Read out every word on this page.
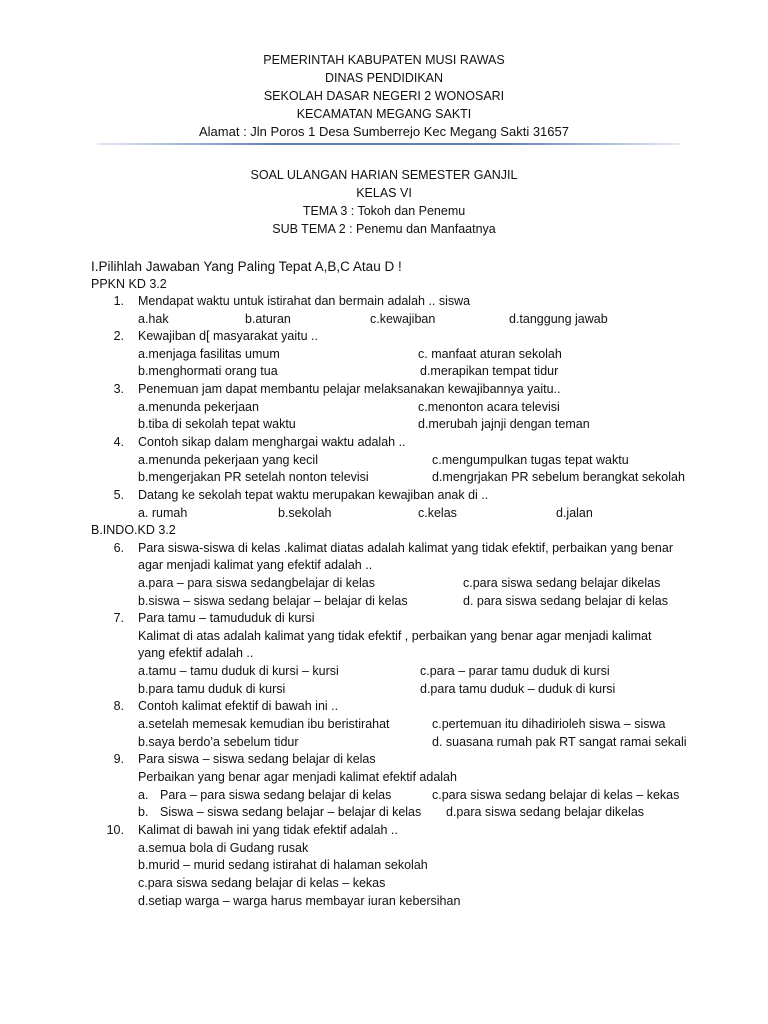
PEMERINTAH KABUPATEN MUSI RAWAS
DINAS PENDIDIKAN
SEKOLAH DASAR NEGERI 2 WONOSARI
KECAMATAN MEGANG SAKTI
Alamat : Jln Poros 1 Desa Sumberrejo Kec Megang Sakti 31657
SOAL ULANGAN HARIAN SEMESTER GANJIL
KELAS VI
TEMA 3 : Tokoh dan Penemu
SUB TEMA 2 : Penemu dan Manfaatnya
I.Pilihlah Jawaban Yang Paling Tepat A,B,C Atau D !
PPKN KD 3.2
1. Mendapat waktu untuk istirahat dan bermain adalah .. siswa
a.hak	b.aturan	c.kewajiban	d.tanggung jawab
2. Kewajiban d[ masyarakat yaitu ..
a.menjaga fasilitas umum	c. manfaat aturan sekolah
b.menghormati orang tua	d.merapikan tempat tidur
3. Penemuan jam dapat membantu pelajar melaksanakan kewajibannya yaitu..
a.menunda pekerjaan	c.menonton acara televisi
b.tiba di sekolah tepat waktu	d.merubah jajnji dengan teman
4. Contoh sikap dalam menghargai waktu adalah ..
a.menunda pekerjaan yang kecil	c.mengumpulkan tugas tepat waktu
b.mengerjakan PR setelah nonton televisi	d.mengrjakan PR sebelum berangkat sekolah
5. Datang ke sekolah tepat waktu merupakan kewajiban anak di ..
a. rumah	b.sekolah	c.kelas	d.jalan
B.INDO.KD 3.2
6. Para siswa-siswa di kelas .kalimat diatas adalah kalimat yang tidak efektif, perbaikan yang benar
agar menjadi kalimat yang efektif adalah ..
a.para – para siswa sedangbelajar di kelas	c.para siswa sedang belajar dikelas
b.siswa – siswa sedang belajar – belajar di kelas	d. para siswa sedang belajar di kelas
7. Para tamu – tamududuk di kursi
Kalimat di atas adalah kalimat yang tidak efektif , perbaikan yang benar agar menjadi kalimat
yang efektif adalah ..
a.tamu – tamu duduk di kursi – kursi	c.para – parar tamu duduk di kursi
b.para tamu duduk di kursi	d.para tamu duduk – duduk di kursi
8. Contoh kalimat efektif di bawah ini ..
a.setelah memesak kemudian ibu beristirahat	c.pertemuan itu dihadirioleh siswa – siswa
b.saya berdo’a sebelum tidur	d. suasana rumah pak RT sangat ramai sekali
9. Para siswa – siswa sedang belajar di kelas
Perbaikan yang benar agar menjadi kalimat efektif adalah
a. Para – para siswa sedang belajar di kelas	c.para siswa sedang belajar di kelas – kekas
b. Siswa – siswa sedang belajar – belajar di kelas d.para siswa sedang belajar dikelas
10. Kalimat di bawah ini yang tidak efektif adalah ..
a.semua bola di Gudang rusak
b.murid – murid sedang istirahat di halaman sekolah
c.para siswa sedang belajar di kelas – kekas
d.setiap warga – warga harus membayar iuran kebersihan
